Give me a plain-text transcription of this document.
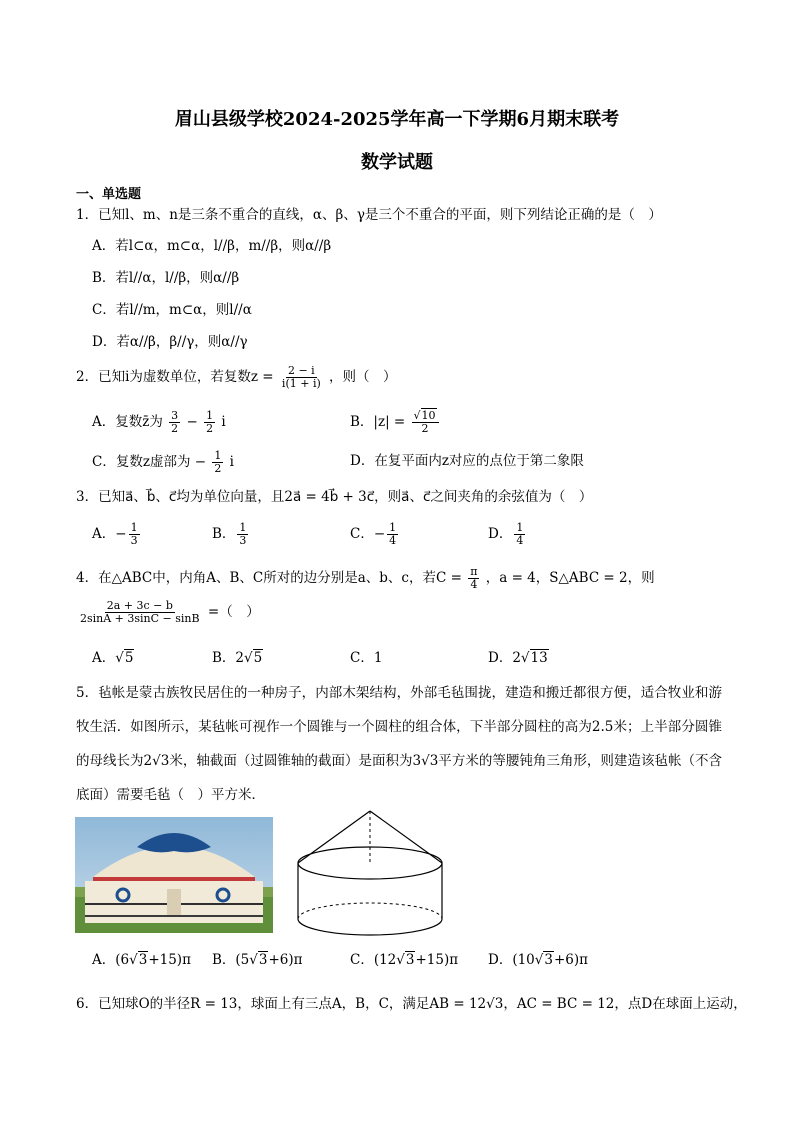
眉山县级学校2024-2025学年高一下学期6月期末联考
数学试题
一、单选题
1．已知l、m、n是三条不重合的直线，α、β、γ是三个不重合的平面，则下列结论正确的是（　）
A．若l⊂α，m⊂α，l//β，m//β，则α//β
B．若l//α，l//β，则α//β
C．若l//m，m⊂α，则l//α
D．若α//β，β//γ，则α//γ
2．已知i为虚数单位，若复数$z = \frac{2 - i}{i(1 + i)}$ ，则（　）
A．复数z̄为 $\frac{3}{2} - \frac{1}{2}$ i	B．$|z| = \frac{√10}{2}$
C．复数z虚部为 − $\frac{1}{2}$ i	D．在复平面内z对应的点位于第二象限
3．已知a⃗、b⃗、c⃗均为单位向量，且2a⃗ = 4b⃗ + 3c⃗，则a⃗、c⃗之间夹角的余弦值为（　）
A．− $\frac{1}{3}$	B． $\frac{1}{3}$	C．− $\frac{1}{4}$	D． $\frac{1}{4}$
4．在△ABC中，内角A、B、C所对的边分别是a、b、c，若$C = \frac{\pi}{4}$ ，a = 4，S△ABC = 2，则
$\frac{2a + 3c - b}{2\sin A + 3\sin C - \sin B}$ =（　）
A．√5	B．2√5	C．1	D．2√13
5．毡帐是蒙古族牧民居住的一种房子，内部木架结构，外部毛毡围拢，建造和搬迁都很方便，适合牧业和游牧生活．如图所示，某毡帐可视作一个圆锥与一个圆柱的组合体，下半部分圆柱的高为2.5米；上半部分圆锥的母线长为2√3米，轴截面（过圆锥轴的截面）是面积为3√3平方米的等腰钝角三角形，则建造该毡帐（不含底面）需要毛毡（　）平方米．
A．(6√3+15)π B．(5√3+6)π	C．(12√3+15)π D．(10√3+6)π
6．已知球O的半径R = 13，球面上有三点A，B，C，满足AB = 12√3，AC = BC = 12，点D在球面上运动，
